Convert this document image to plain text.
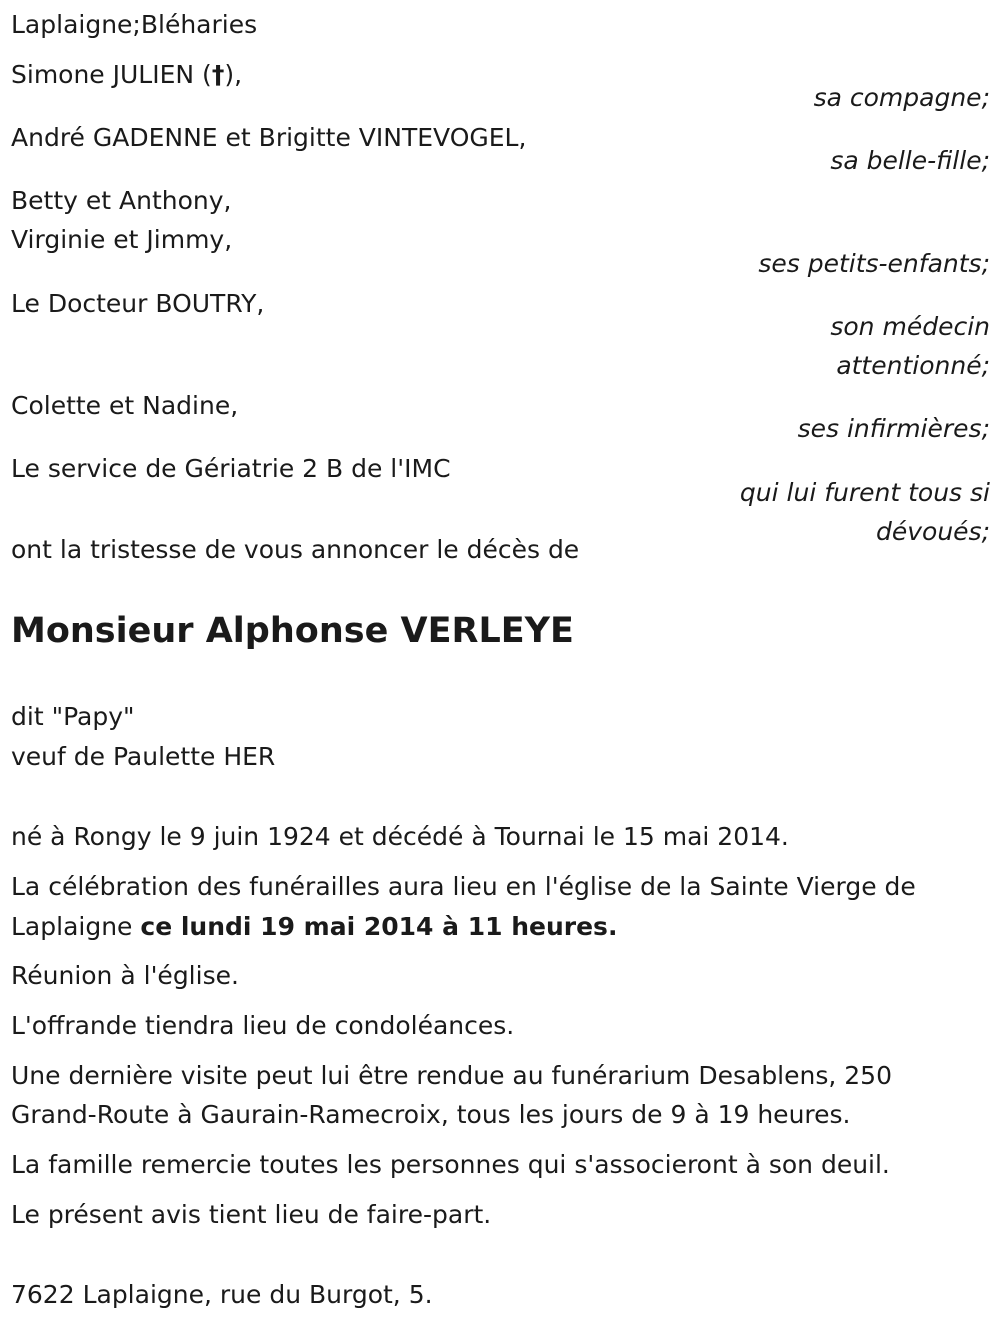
Laplaigne;Bléharies
Simone JULIEN (†),
sa compagne;
André GADENNE et Brigitte VINTEVOGEL,
sa belle-fille;
Betty et Anthony,
Virginie et Jimmy,
ses petits-enfants;
Le Docteur BOUTRY,
son médecin
attentionné;
Colette et Nadine,
ses infirmières;
Le service de Gériatrie 2 B de l'IMC
qui lui furent tous si
dévoués;
ont la tristesse de vous annoncer le décès de
Monsieur Alphonse VERLEYE
dit "Papy"
veuf de Paulette HER
né à Rongy le 9 juin 1924 et décédé à Tournai le 15 mai 2014.
La célébration des funérailles aura lieu en l'église de la Sainte Vierge de
Laplaigne ce lundi 19 mai 2014 à 11 heures.
Réunion à l'église.
L'offrande tiendra lieu de condoléances.
Une dernière visite peut lui être rendue au funérarium Desablens, 250
Grand-Route à Gaurain-Ramecroix, tous les jours de 9 à 19 heures.
La famille remercie toutes les personnes qui s'associeront à son deuil.
Le présent avis tient lieu de faire-part.
7622 Laplaigne, rue du Burgot, 5.
